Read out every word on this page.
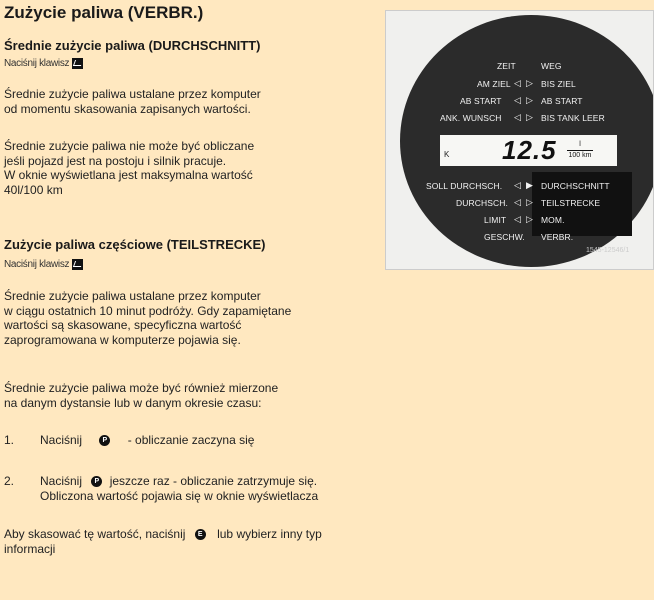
Zużycie paliwa (VERBR.)
Średnie zużycie paliwa (DURCHSCHNITT)
Naciśnij klawisz
Średnie zużycie paliwa ustalane przez komputer
od momentu skasowania zapisanych wartości.
Średnie zużycie paliwa nie może być obliczane
jeśli pojazd jest na postoju i silnik pracuje.
W oknie wyświetlana jest maksymalna wartość
40l/100 km
Zużycie paliwa częściowe (TEILSTRECKE)
Naciśnij klawisz
Średnie zużycie paliwa ustalane przez komputer
w ciągu ostatnich 10 minut podróży. Gdy zapamiętane
wartości są skasowane, specyficzna wartość
zaprogramowana w komputerze pojawia się.
Średnie zużycie paliwa może być również mierzone
na danym dystansie lub w danym okresie czasu:
1. Naciśnij	P - obliczanie zaczyna się
2. Naciśnij P jeszcze raz - obliczanie zatrzymuje się.
Obliczona wartość pojawia się w oknie wyświetlacza
Aby skasować tę wartość, naciśnij E lub wybierz inny typ
informacji
ZEIT	WEG
AM ZIEL ◁ ▷ BIS ZIEL
AB START ◁ ▷ AB START
ANK. WUNSCH ◁ ▷ BIS TANK LEER
K 12.5	l
100 km
SOLL DURCHSCH. ◁ ▶ DURCHSCHNITT
DURCHSCH. ◁ ▷ TEILSTRECKE
LIMIT ◁ ▷ MOM.
GESCHW. VERBR.
1545-12546/1
